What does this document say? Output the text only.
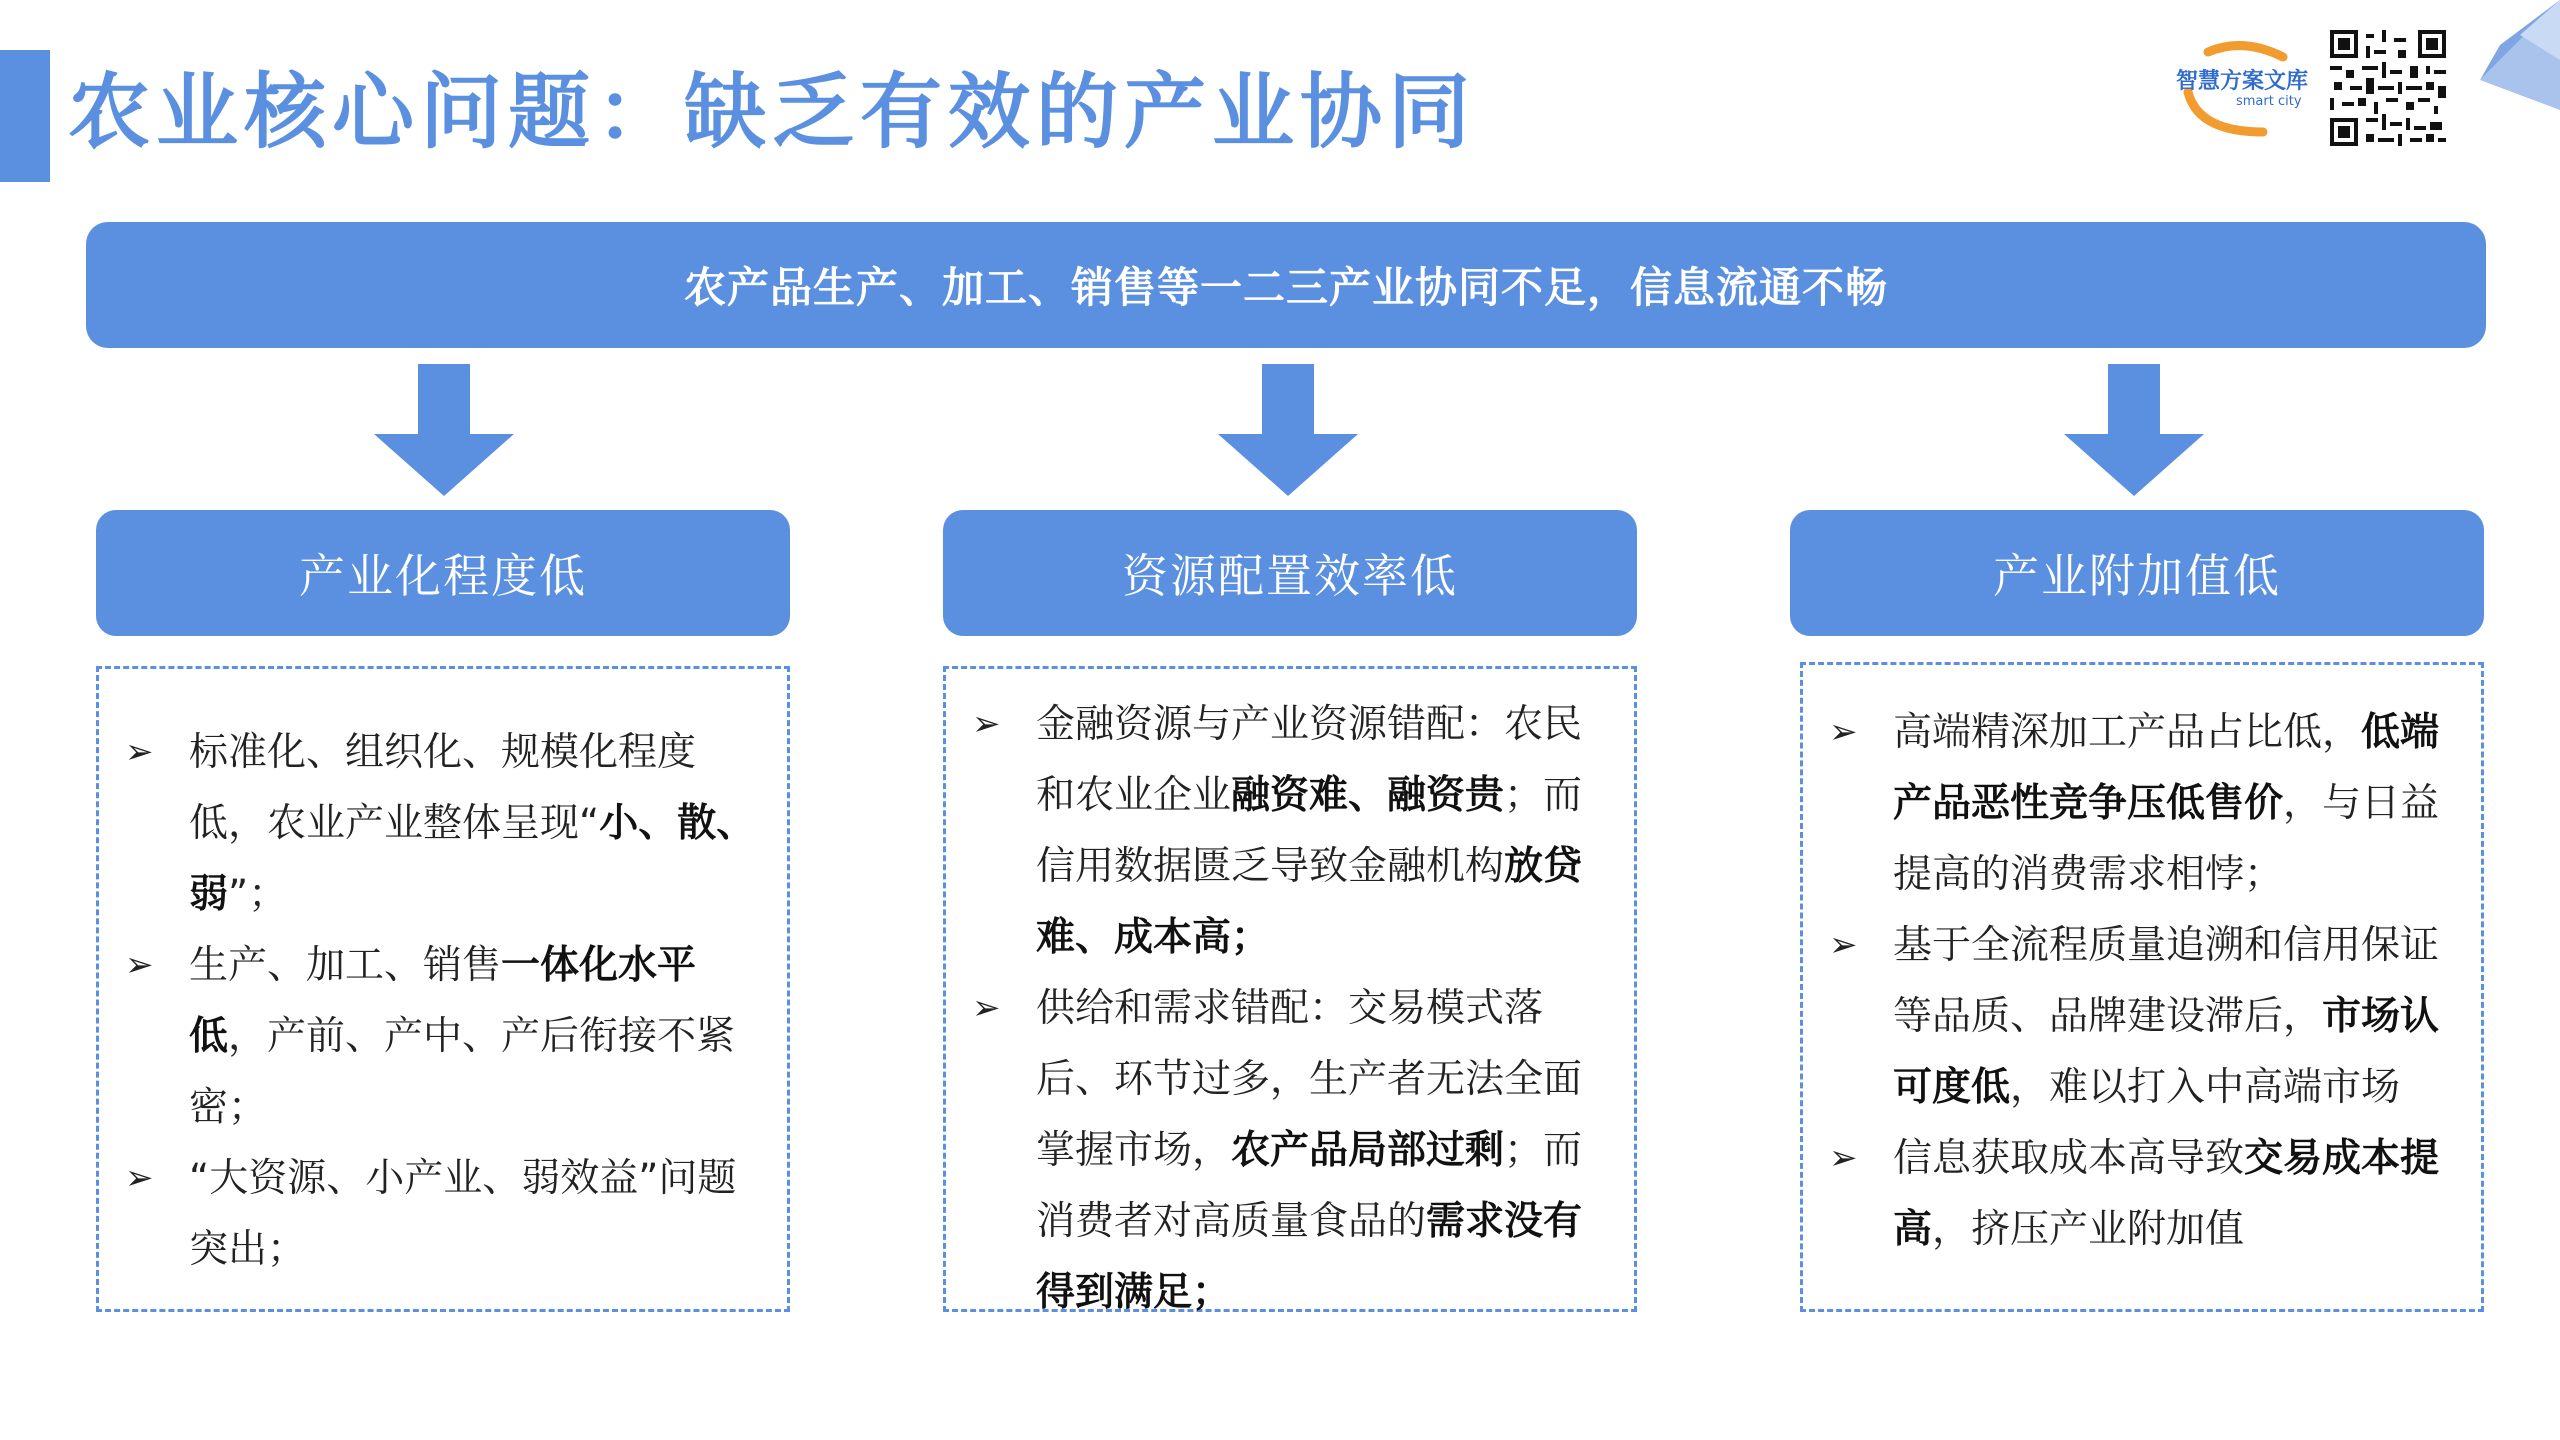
农业核心问题：缺乏有效的产业协同	智慧方案文库
smart city
农产品生产、加工、销售等一二三产业协同不足，信息流通不畅
产业化程度低	资源配置效率低	产业附加值低
➢ 标准化、组织化、规模化程度低，农业产业整体呈现“小、散、弱”；
➢ 生产、加工、销售一体化水平低，产前、产中、产后衔接不紧密；
➢ “大资源、小产业、弱效益”问题突出；
➢ 金融资源与产业资源错配：农民和农业企业融资难、融资贵；而信用数据匮乏导致金融机构放贷难、成本高；
➢ 供给和需求错配：交易模式落后、环节过多，生产者无法全面掌握市场，农产品局部过剩；而消费者对高质量食品的需求没有得到满足；
➢ 高端精深加工产品占比低，低端产品恶性竞争压低售价，与日益提高的消费需求相悖；
➢ 基于全流程质量追溯和信用保证等品质、品牌建设滞后，市场认可度低，难以打入中高端市场
➢ 信息获取成本高导致交易成本提高，挤压产业附加值
